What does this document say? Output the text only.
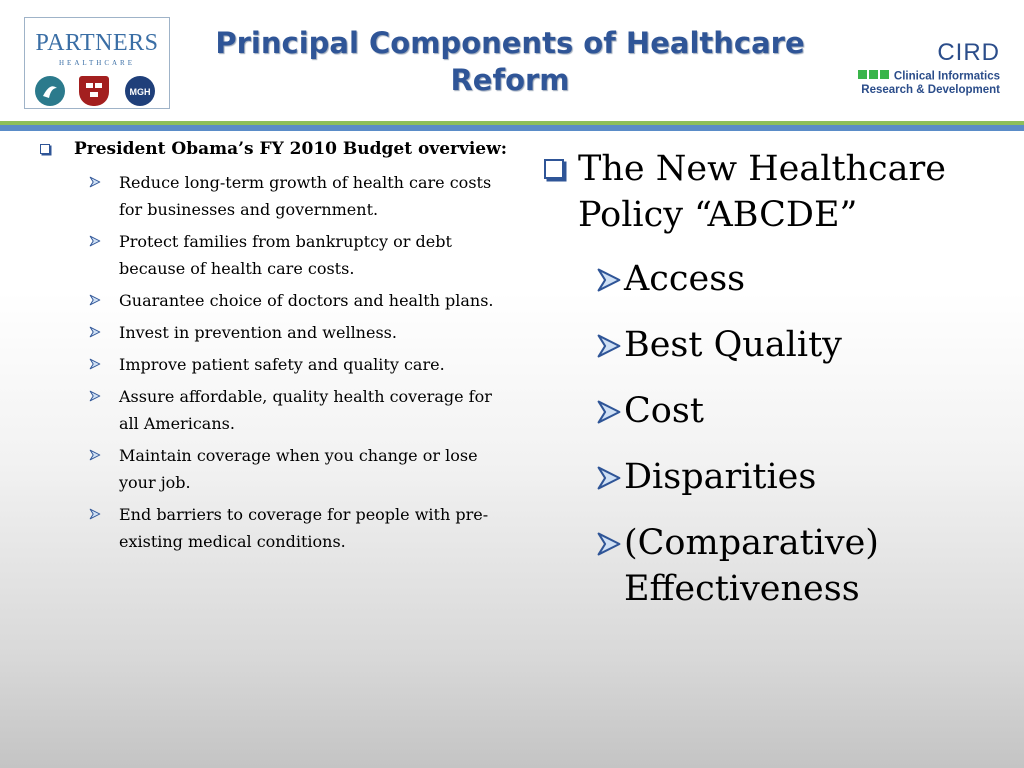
PARTNERS
HEALTHCARE
MGH
Principal Components of Healthcare Reform
CIRD
Clinical Informatics
Research & Development
President Obama’s FY 2010 Budget overview:
Reduce long-term growth of health care costs for businesses and government.
Protect families from bankruptcy or debt because of health care costs.
Guarantee choice of doctors and health plans.
Invest in prevention and wellness.
Improve patient safety and quality care.
Assure affordable, quality health coverage for all Americans.
Maintain coverage when you change or lose your job.
End barriers to coverage for people with pre-existing medical conditions.
The New Healthcare Policy “ABCDE”
Access
Best Quality
Cost
Disparities
(Comparative) Effectiveness
